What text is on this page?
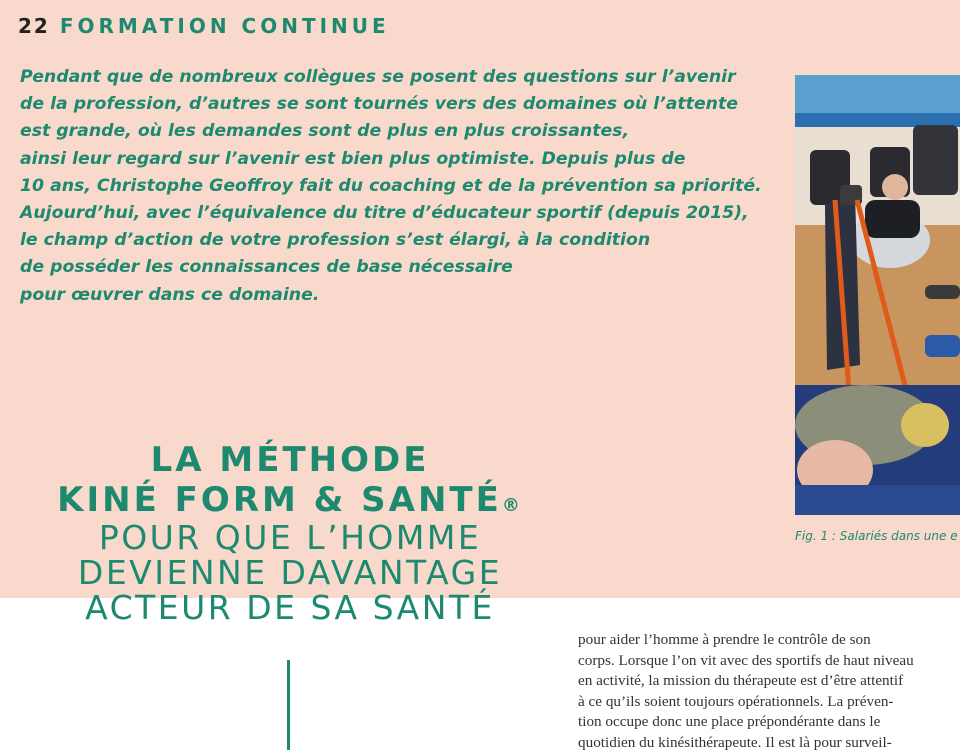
22 FORMATION CONTINUE

Pendant que de nombreux collègues se posent des questions sur l’avenir
de la profession, d’autres se sont tournés vers des domaines où l’attente
est grande, où les demandes sont de plus en plus croissantes,
ainsi leur regard sur l’avenir est bien plus optimiste. Depuis plus de
10 ans, Christophe Geoffroy fait du coaching et de la prévention sa priorité.
Aujourd’hui, avec l’équivalence du titre d’éducateur sportif (depuis 2015),
le champ d’action de votre profession s’est élargi, à la condition
de posséder les connaissances de base nécessaire
pour œuvrer dans ce domaine.

Fig. 1 : Salariés dans une e
LA MÉTHODE
KINÉ FORM & SANTÉ®
POUR QUE L’HOMME
DEVIENNE DAVANTAGE
ACTEUR DE SA SANTÉ

pour aider l’homme à prendre le contrôle de son
corps. Lorsque l’on vit avec des sportifs de haut niveau
en activité, la mission du thérapeute est d’être attentif
à ce qu’ils soient toujours opérationnels. La préven-
tion occupe donc une place prépondérante dans le
quotidien du kinésithérapeute. Il est là pour surveil-
